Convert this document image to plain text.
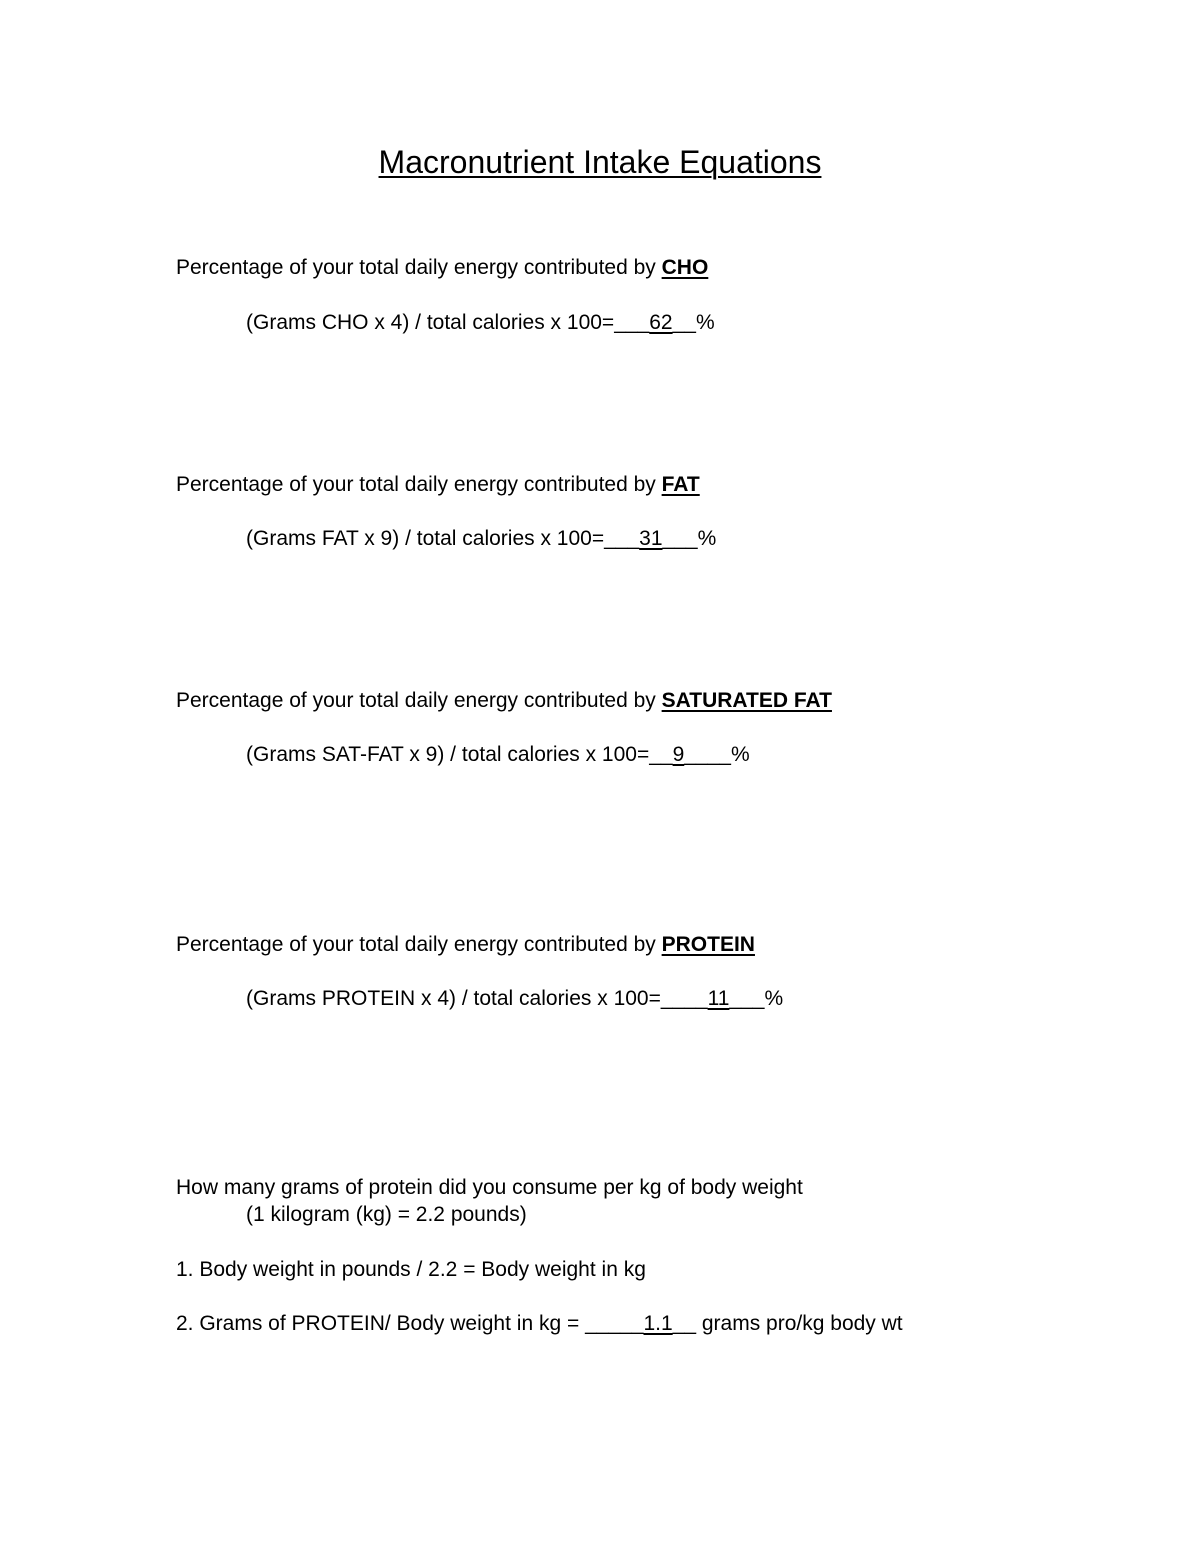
Macronutrient Intake Equations
Percentage of your total daily energy contributed by CHO
(Grams CHO x 4) / total calories x 100=___62__%
Percentage of your total daily energy contributed by FAT
(Grams FAT x 9) / total calories x 100=___31___%
Percentage of your total daily energy contributed by SATURATED FAT
(Grams SAT-FAT x 9) / total calories x 100=__9____%
Percentage of your total daily energy contributed by PROTEIN
(Grams PROTEIN x 4) / total calories x 100=____11___%
How many grams of protein did you consume per kg of body weight
(1 kilogram (kg) = 2.2 pounds)
1. Body weight in pounds / 2.2 = Body weight in kg
2. Grams of PROTEIN/ Body weight in kg = _____1.1__ grams pro/kg body wt
